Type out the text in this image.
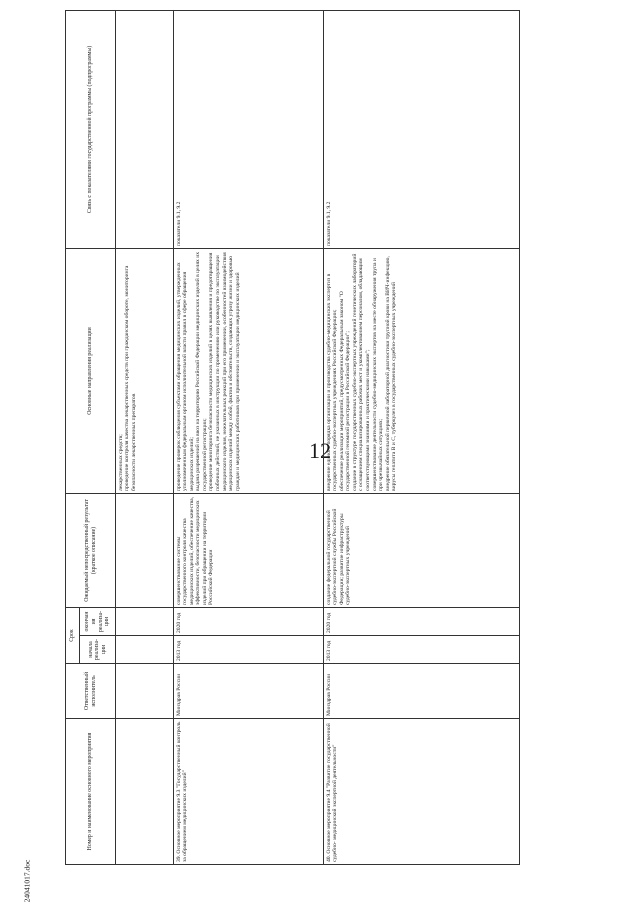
12
24041017.doc
Номер и наименование основного мероприятия	Ответственный исполнитель	Срок		Ожидаемый непосредственный результат (краткое описание)	Основные направления реализации	Связь с показателями государственной программы (подпрограммы)
		начала реализа-ции	окончания реализа-ции			

					лекарственных средств; проведение контроля качества лекарственных средств при гражданском обороте, мониторинга безопасности лекарственных препаратов	

39. Основное мероприятие 9.3 "Государственный контроль за обращением медицинских изделий"	Минздрав России	2013 год	2020 год	совершенствование системы государственного контроля качества медицинских изделий, обеспечение качества, эффективности, безопасности медицинских изделий при обращении на территории Российской Федерации	проведение проверок соблюдения субъектами обращения медицинских изделий, утвержденных уполномоченным федеральным органом исполнительной власти правил в сфере обращения медицинских изделий; выдача разрешений на ввоз на территорию Российской Федерации медицинских изделий в целях их государственной регистрации; проведение мониторинга безопасности медицинских изделий в целях выявления и предотвращения побочных действий, не указанных в инструкции по применению или руководстве по эксплуатации медицинского изделия, нежелательных реакций при его применении, особенностей взаимодействия медицинских изделий между собой, фактов и обстоятельств, создающих угрозу жизни и здоровью граждан и медицинских работников при применении и эксплуатации медицинских изделий	показатели 9.1, 9.2
40. Основное мероприятие 9.4 "Развитие государственной судебно- медицинской экспертной деятельности"	Минздрав России	2013 год	2020 год	создание федеральной государственной судебно-экспертной службы Российской Федерации; развитие инфраструктуры судебно-экспертных учреждений	внедрение единого порядка организации и производства судебно-медицинских экспертиз в государственных судебно-экспертных учреждениях Российской Федерации; обеспечение реализации мероприятий, предусмотренных Федеральным законом "О государственной геномной регистрации в Российской Федерации"; создание в структуре государственных судебно-экспертных учреждений генетических лабораторий с оснащением специализированных рабочих мест и укомплектованием персоналом, обладающим соответствующими знаниями и практическими навыками"; совершенствование деятельности судебно-медицинских экспертов на месте обнаружения трупа и при чрезвычайных ситуациях; внедрение обязательной первичной лабораторной диагностики трупной крови на ВИЧ-инфекцию, вирусы гепатита В и С, туберкулез в государственных судебно-экспертных учреждений	показатели 9.1, 9.2
